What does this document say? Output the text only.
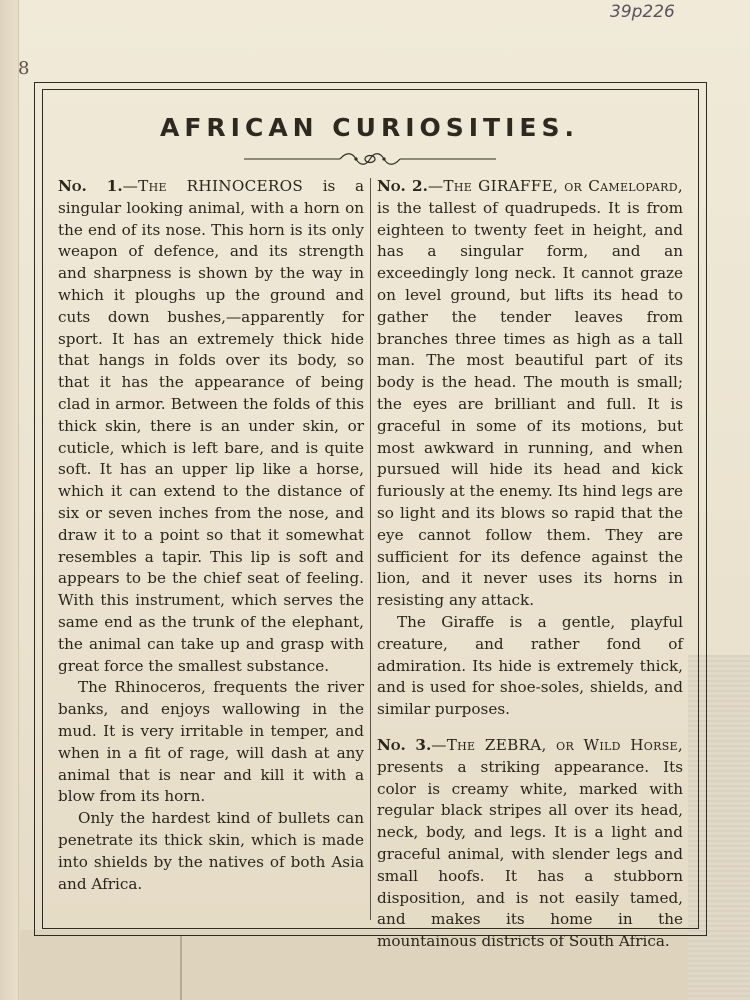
39p226
8
AFRICAN CURIOSITIES.

No. 1.—The RHINOCEROS is a singular looking animal, with a horn on the end of its nose. This horn is its only weapon of defence, and its strength and sharpness is shown by the way in which it ploughs up the ground and cuts down bushes,—apparently for sport. It has an extremely thick hide that hangs in folds over its body, so that it has the appearance of being clad in armor. Between the folds of this thick skin, there is an under skin, or cuticle, which is left bare, and is quite soft. It has an upper lip like a horse, which it can extend to the distance of six or seven inches from the nose, and draw it to a point so that it somewhat resembles a tapir. This lip is soft and appears to be the chief seat of feeling. With this instrument, which serves the same end as the trunk of the elephant, the animal can take up and grasp with great force the smallest substance.

The Rhinoceros, frequents the river banks, and enjoys wallowing in the mud. It is very irritable in temper, and when in a fit of rage, will dash at any animal that is near and kill it with a blow from its horn.

Only the hardest kind of bullets can penetrate its thick skin, which is made into shields by the natives of both Asia and Africa.

No. 2.—The GIRAFFE, or Camelopard, is the tallest of quadrupeds. It is from eighteen to twenty feet in height, and has a singular form, and an exceedingly long neck. It cannot graze on level ground, but lifts its head to gather the tender leaves from branches three times as high as a tall man. The most beautiful part of its body is the head. The mouth is small; the eyes are brilliant and full. It is graceful in some of its motions, but most awkward in running, and when pursued will hide its head and kick furiously at the enemy. Its hind legs are so light and its blows so rapid that the eye cannot follow them. They are sufficient for its defence against the lion, and it never uses its horns in resisting any attack.

The Giraffe is a gentle, playful creature, and rather fond of admiration. Its hide is extremely thick, and is used for shoe-soles, shields, and similar purposes.

No. 3.—The ZEBRA, or Wild Horse, presents a striking appearance. Its color is creamy white, marked with regular black stripes all over its head, neck, body, and legs. It is a light and graceful animal, with slender legs and small hoofs. It has a stubborn disposition, and is not easily tamed, and makes its home in the mountainous districts of South Africa.
